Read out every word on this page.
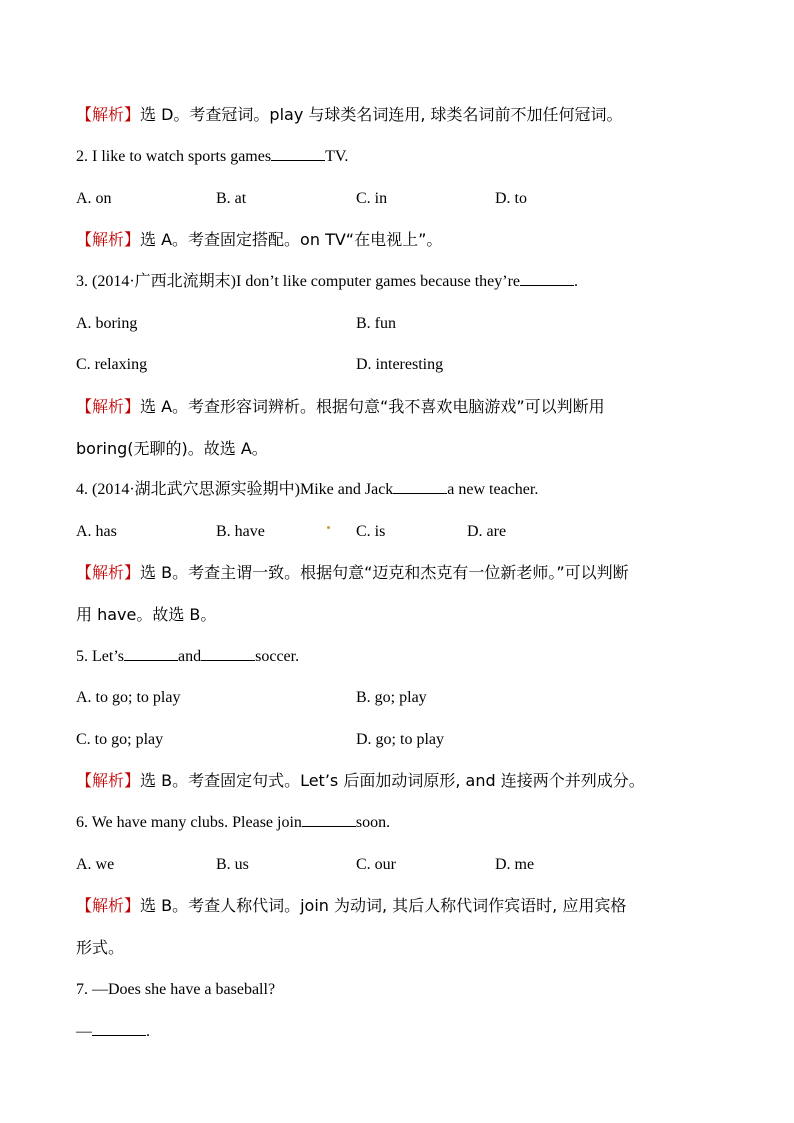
【解析】选 D。考查冠词。play 与球类名词连用, 球类名词前不加任何冠词。
2. I like to watch sports games	TV.
A. on	B. at	C. in	D. to
【解析】选 A。考查固定搭配。on TV“在电视上”。
3. (2014·广西北流期末)I don’t like computer games because they’re	.
A. boring	B. fun
C. relaxing	D. interesting
【解析】选 A。考查形容词辨析。根据句意“我不喜欢电脑游戏”可以判断用
boring(无聊的)。故选 A。
4. (2014·湖北武穴思源实验期中)Mike and Jack	a new teacher.
A. has	B. have	C. is	D. are
【解析】选 B。考查主谓一致。根据句意“迈克和杰克有一位新老师。”可以判断
用 have。故选 B。
5. Let’s	and	soccer.
A. to go; to play	B. go; play
C. to go; play	D. go; to play
【解析】选 B。考查固定句式。Let’s 后面加动词原形, and 连接两个并列成分。
6. We have many clubs. Please join	soon.
A. we	B. us	C. our	D. me
【解析】选 B。考查人称代词。join 为动词, 其后人称代词作宾语时, 应用宾格
形式。
7. —Does she have a baseball?
—	.
